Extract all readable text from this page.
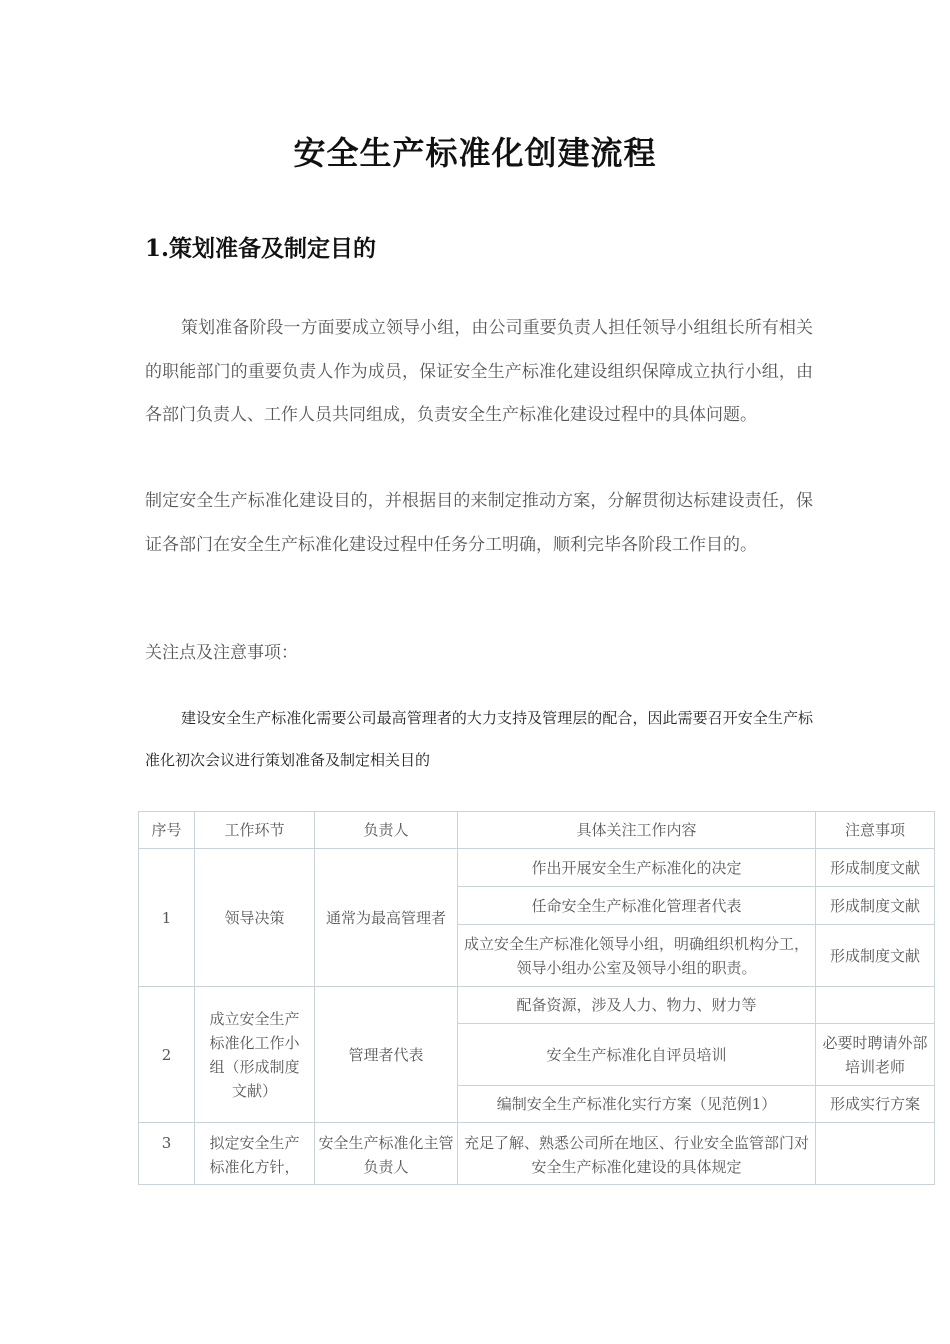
安全生产标准化创建流程
1.策划准备及制定目的
策划准备阶段一方面要成立领导小组，由公司重要负责人担任领导小组组长所有相关的职能部门的重要负责人作为成员，保证安全生产标准化建设组织保障成立执行小组，由各部门负责人、工作人员共同组成，负责安全生产标准化建设过程中的具体问题。
制定安全生产标准化建设目的，并根据目的来制定推动方案，分解贯彻达标建设责任，保证各部门在安全生产标准化建设过程中任务分工明确，顺利完毕各阶段工作目的。
关注点及注意事项：
建设安全生产标准化需要公司最高管理者的大力支持及管理层的配合，因此需要召开安全生产标准化初次会议进行策划准备及制定相关目的
序号	工作环节	负责人	具体关注工作内容	注意事项
1	领导决策	通常为最高管理者	作出开展安全生产标准化的决定	形成制度文献
			任命安全生产标准化管理者代表	形成制度文献
			成立安全生产标准化领导小组，明确组织机构分工，领导小组办公室及领导小组的职责。	形成制度文献
2	成立安全生产标准化工作小组（形成制度文献）	管理者代表	配备资源，涉及人力、物力、财力等	
			安全生产标准化自评员培训	必要时聘请外部培训老师
			编制安全生产标准化实行方案（见范例1）	形成实行方案
3	拟定安全生产标准化方针，	安全生产标准化主管负责人	充足了解、熟悉公司所在地区、行业安全监管部门对安全生产标准化建设的具体规定	
